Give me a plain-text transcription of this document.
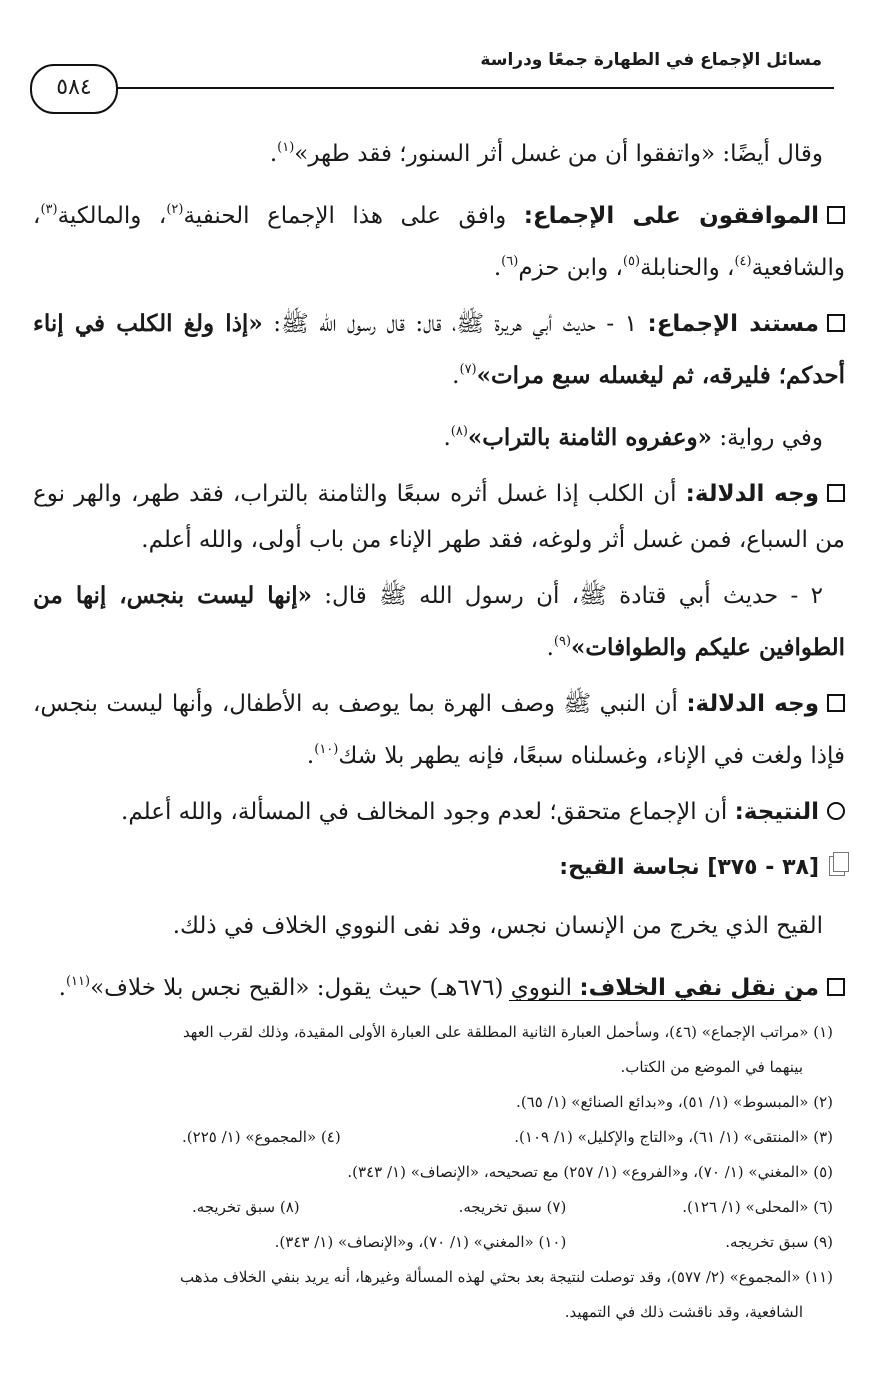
مسائل الإجماع في الطهارة جمعًا ودراسة
٥٨٤

وقال أيضًا: «واتفقوا أن من غسل أثر السنور؛ فقد طهر»$^{(١)}$.

الموافقون على الإجماع: وافق على هذا الإجماع الحنفية$^{(٢)}$، والمالكية$^{(٣)}$، والشافعية$^{(٤)}$، والحنابلة$^{(٥)}$، وابن حزم$^{(٦)}$.

مستند الإجماع: ١ - حديث أبي هريرة ﷺ، قال: قال رسول الله ﷺ: «إذا ولغ الكلب في إناء أحدكم؛ فليرقه، ثم ليغسله سبع مرات»$^{(٧)}$.

وفي رواية: «وعفروه الثامنة بالتراب»$^{(٨)}$.

وجه الدلالة: أن الكلب إذا غسل أثره سبعًا والثامنة بالتراب، فقد طهر، والهر نوع من السباع، فمن غسل أثر ولوغه، فقد طهر الإناء من باب أولى، والله أعلم.

٢ - حديث أبي قتادة ﷺ، أن رسول الله ﷺ قال: «إنها ليست بنجس، إنها من الطوافين عليكم والطوافات»$^{(٩)}$.

وجه الدلالة: أن النبي ﷺ وصف الهرة بما يوصف به الأطفال، وأنها ليست بنجس، فإذا ولغت في الإناء، وغسلناه سبعًا، فإنه يطهر بلا شك$^{(١٠)}$.

النتيجة: أن الإجماع متحقق؛ لعدم وجود المخالف في المسألة، والله أعلم.

[٣٨ - ٣٧٥] نجاسة القيح:

القيح الذي يخرج من الإنسان نجس، وقد نفى النووي الخلاف في ذلك.

من نقل نفي الخلاف: النووي (٦٧٦هـ) حيث يقول: «القيح نجس بلا خلاف»$^{(١١)}$.

(١) «مراتب الإجماع» (٤٦)، وسأحمل العبارة الثانية المطلقة على العبارة الأولى المقيدة، وذلك لقرب العهد
بينهما في الموضع من الكتاب.
(٢) «المبسوط» (١/ ٥١)، و«بدائع الصنائع» (١/ ٦٥).
(٣) «المنتقى» (١/ ٦١)، و«التاج والإكليل» (١/ ١٠٩).
(٤) «المجموع» (١/ ٢٢٥).
(٥) «المغني» (١/ ٧٠)، و«الفروع» (١/ ٢٥٧) مع تصحيحه، «الإنصاف» (١/ ٣٤٣).
(٦) «المحلى» (١/ ١٢٦).
(٧) سبق تخريجه.
(٨) سبق تخريجه.
(٩) سبق تخريجه.
(١٠) «المغني» (١/ ٧٠)، و«الإنصاف» (١/ ٣٤٣).
(١١) «المجموع» (٢/ ٥٧٧)، وقد توصلت لنتيجة بعد بحثي لهذه المسألة وغيرها، أنه يريد بنفي الخلاف مذهب
الشافعية، وقد ناقشت ذلك في التمهيد.
